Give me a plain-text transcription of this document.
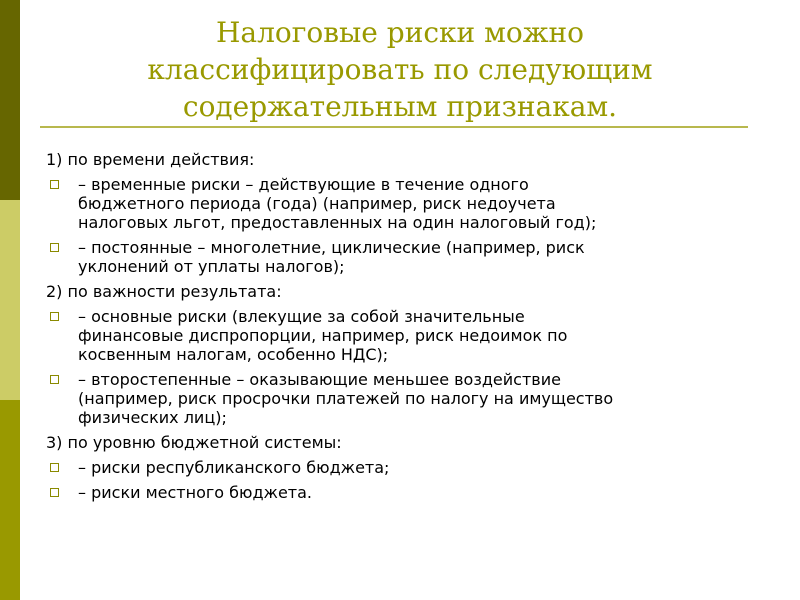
Налоговые риски можно
классифицировать по следующим
содержательным признакам.
1) по времени действия:
– временные риски – действующие в течение одного
бюджетного периода (года) (например, риск недоучета
налоговых льгот, предоставленных на один налоговый год);
– постоянные – многолетние, циклические (например, риск
уклонений от уплаты налогов);
2) по важности результата:
– основные риски (влекущие за собой значительные
финансовые диспропорции, например, риск недоимок по
косвенным налогам, особенно НДС);
– второстепенные – оказывающие меньшее воздействие
(например, риск просрочки платежей по налогу на имущество
физических лиц);
3) по уровню бюджетной системы:
– риски республиканского бюджета;
– риски местного бюджета.
